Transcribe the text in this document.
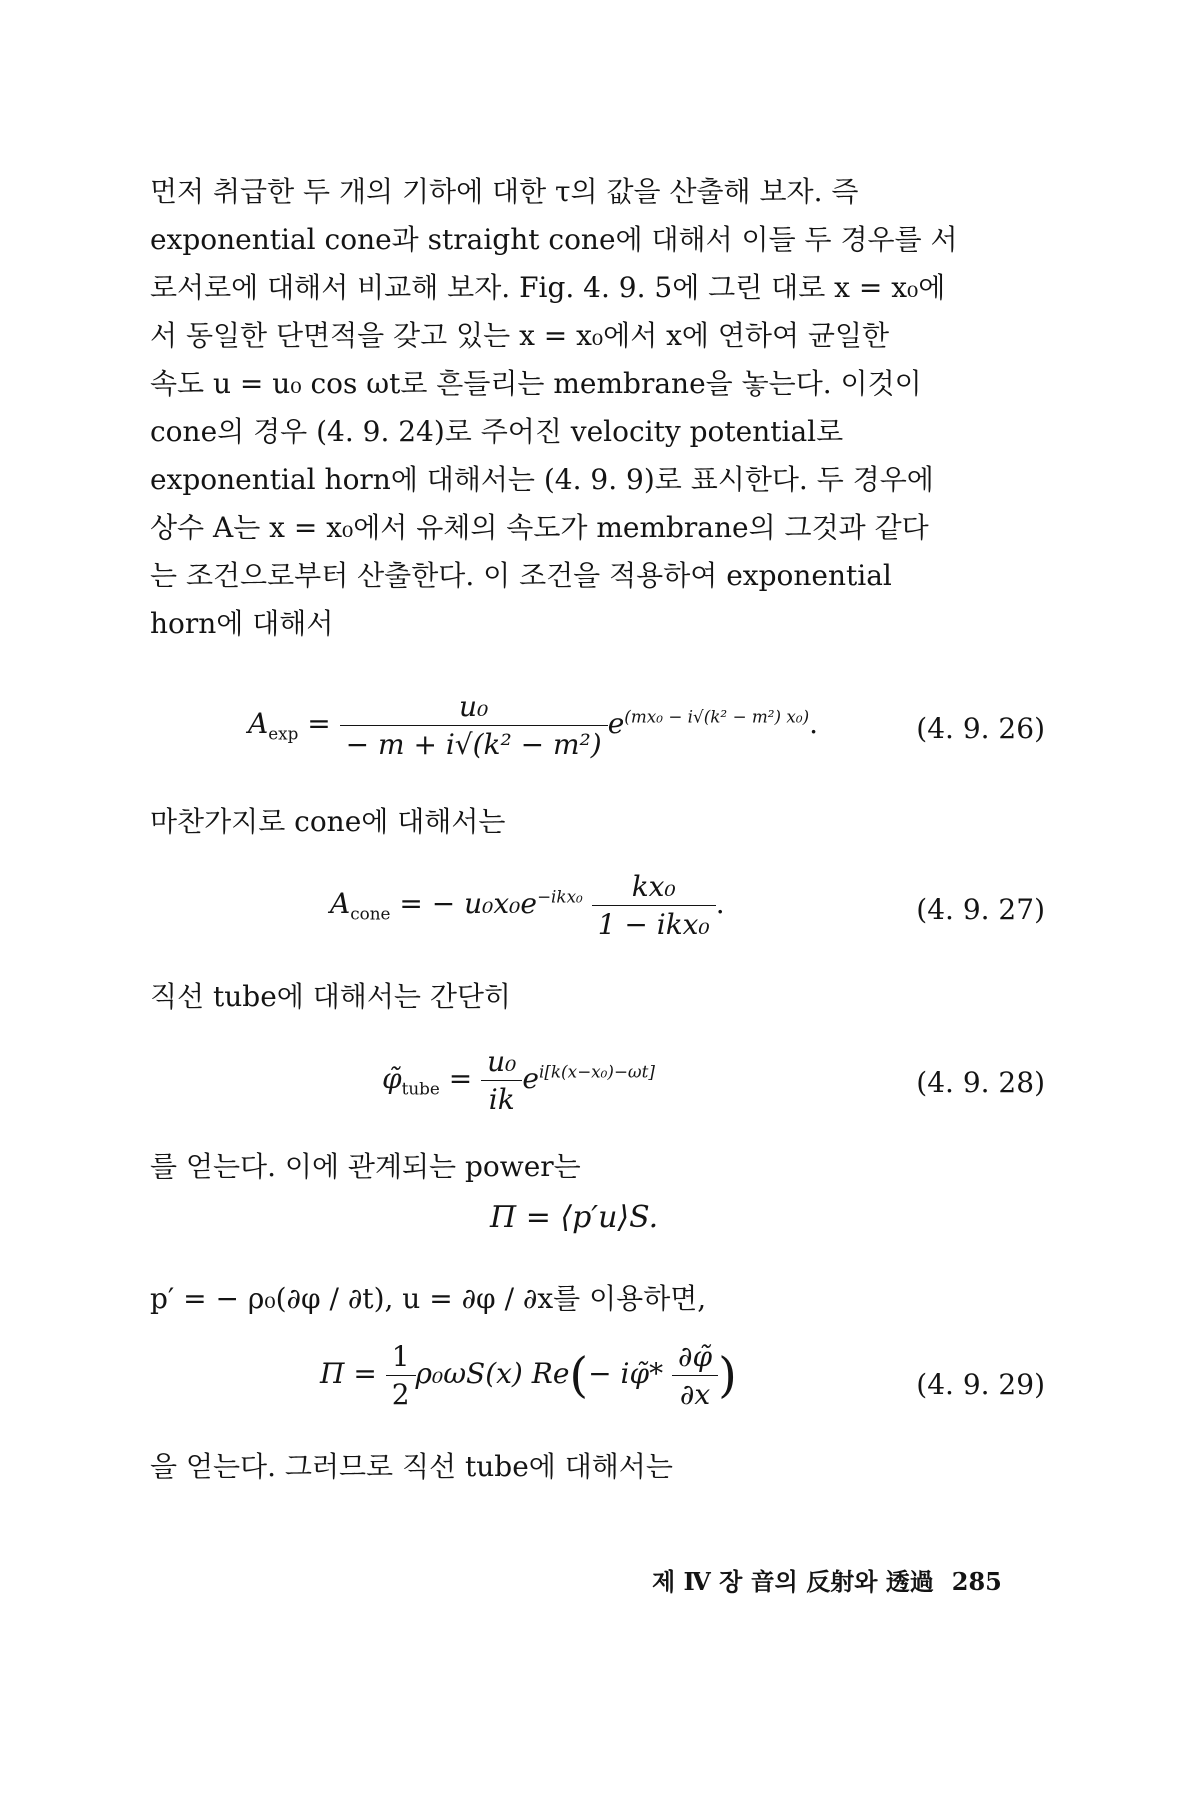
먼저 취급한 두 개의 기하에 대한 τ의 값을 산출해 보자. 즉
exponential cone과 straight cone에 대해서 이들 두 경우를 서
로서로에 대해서 비교해 보자. Fig. 4. 9. 5에 그린 대로 x = x₀에
서 동일한 단면적을 갖고 있는 x = x₀에서 x에 연하여 균일한
속도 u = u₀ cos ωt로 흔들리는 membrane을 놓는다. 이것이
cone의 경우 (4. 9. 24)로 주어진 velocity potential로
exponential horn에 대해서는 (4. 9. 9)로 표시한다. 두 경우에
상수 A는 x = x₀에서 유체의 속도가 membrane의 그것과 같다
는 조건으로부터 산출한다. 이 조건을 적용하여 exponential
horn에 대해서
$A_{exp} = \frac{\text{u₀}}{\text{− m + i√(k² − m²)}} e^{(mx_0 - i√(k^2 - m^2) x_0)}$.	(4. 9. 26)
마찬가지로 cone에 대해서는
$A_{cone}$ = − $u_0x_0e^{-ikx_0} \frac{\text{kx₀}}{\text{1 − ikx₀}}$ .	(4. 9. 27)
직선 tube에 대해서는 간단히
$\varphĩ_{tube} = \frac{\text{u₀}}{ik} e^{i[k(x-x_0)-\omega t]}$	(4. 9. 28)
를 얻는다. 이에 관계되는 power는
Π = ⟨p′u⟩S.
p′ = − ρ₀(∂φ / ∂t), u = ∂φ / ∂x를 이용하면,
$\Pi = \frac{1}{2} \rho_0\omega S(x)$ Re(− iφ̃* $\frac{\partial\varphĩ}{\partial x}$ )	(4. 9. 29)
을 얻는다. 그러므로 직선 tube에 대해서는
제 Ⅳ 장 音의 反射와 透過 285
